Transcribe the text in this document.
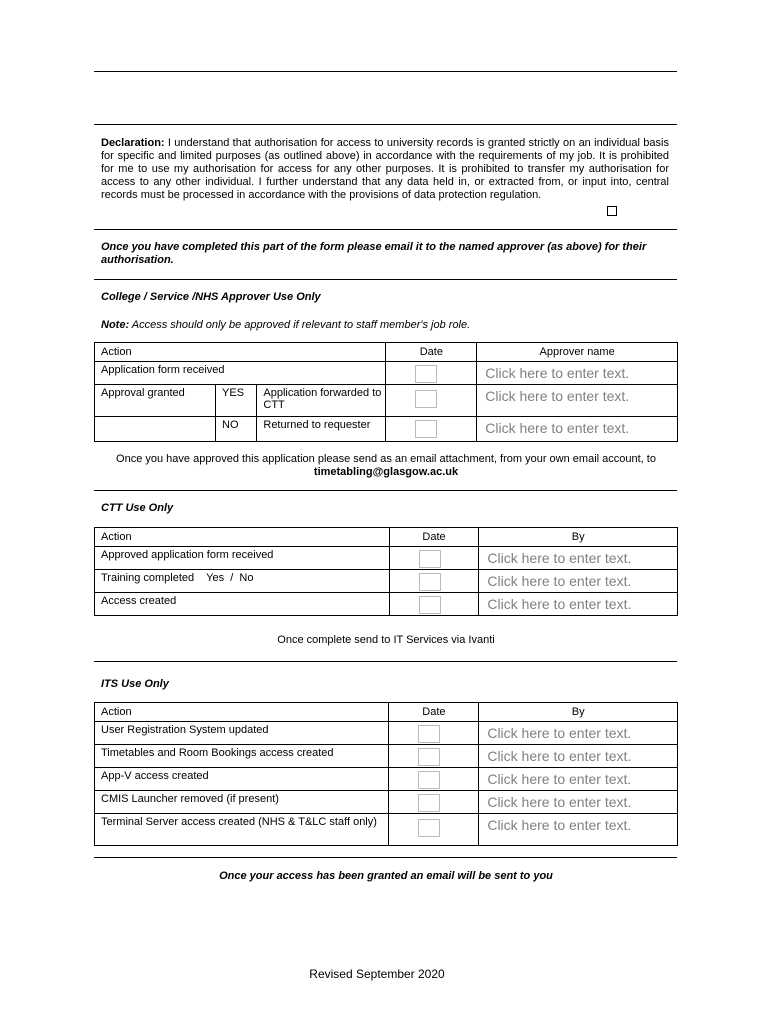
Declaration: I understand that authorisation for access to university records is granted strictly on an individual basis for specific and limited purposes (as outlined above) in accordance with the requirements of my job. It is prohibited for me to use my authorisation for access for any other purposes. It is prohibited to transfer my authorisation for access to any other individual. I further understand that any data held in, or extracted from, or input into, central records must be processed in accordance with the provisions of data protection regulation.
Once you have completed this part of the form please email it to the named approver (as above) for their authorisation.
College / Service /NHS Approver Use Only
Note: Access should only be approved if relevant to staff member's job role.
Action			Date	Approver name
Application form received				Click here to enter text.
Approval granted	YES	Application forwarded to CTT		Click here to enter text.
	NO	Returned to requester		Click here to enter text.
Once you have approved this application please send as an email attachment, from your own email account, to timetabling@glasgow.ac.uk
CTT Use Only
Action	Date	By
Approved application form received		Click here to enter text.
Training completed    Yes  /  No		Click here to enter text.
Access created		Click here to enter text.
Once complete send to IT Services via Ivanti
ITS Use Only
Action	Date	By
User Registration System updated		Click here to enter text.
Timetables and Room Bookings access created		Click here to enter text.
App-V access created		Click here to enter text.
CMIS Launcher removed (if present)		Click here to enter text.
Terminal Server access created (NHS & T&LC staff only)		Click here to enter text.
Once your access has been granted an email will be sent to you
Revised September 2020
